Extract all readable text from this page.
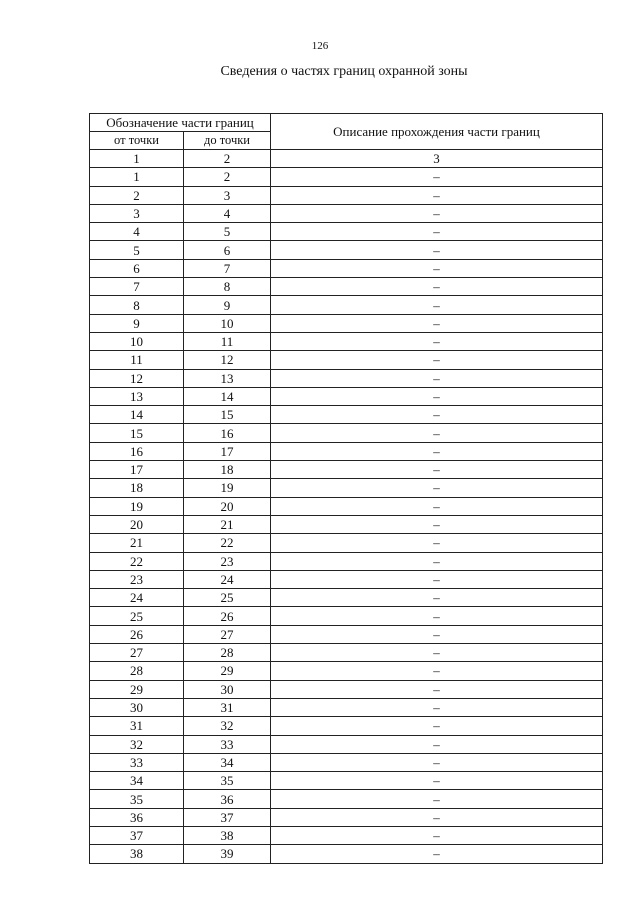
126
Сведения о частях границ охранной зоны
Обозначение части границ		Описание прохождения части границ
от точки	до точки	
1	2	3
1	2	–
2	3	–
3	4	–
4	5	–
5	6	–
6	7	–
7	8	–
8	9	–
9	10	–
10	11	–
11	12	–
12	13	–
13	14	–
14	15	–
15	16	–
16	17	–
17	18	–
18	19	–
19	20	–
20	21	–
21	22	–
22	23	–
23	24	–
24	25	–
25	26	–
26	27	–
27	28	–
28	29	–
29	30	–
30	31	–
31	32	–
32	33	–
33	34	–
34	35	–
35	36	–
36	37	–
37	38	–
38	39	–
